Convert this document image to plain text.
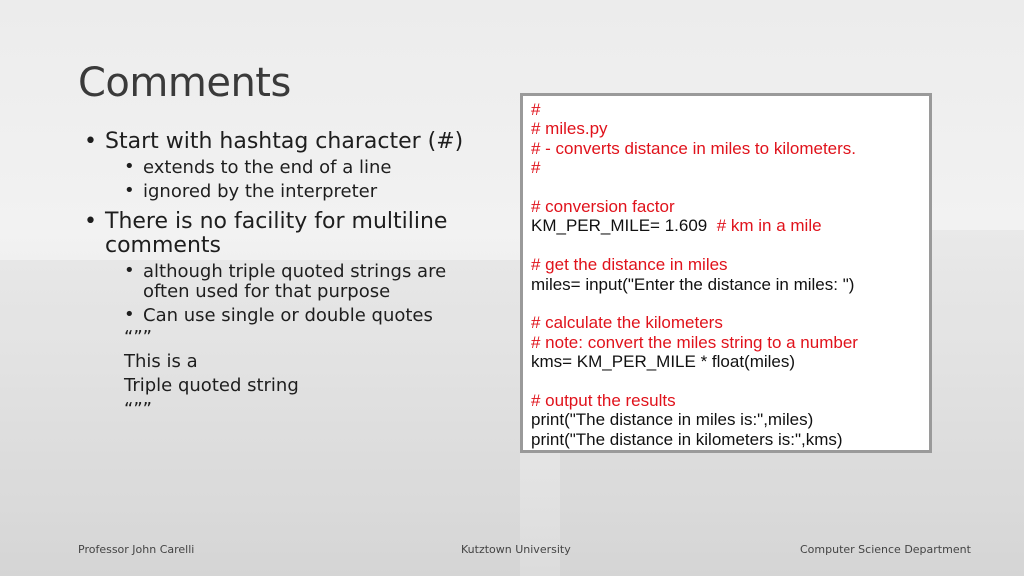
Comments
• Start with hashtag character (#)
• extends to the end of a line
• ignored by the interpreter
• There is no facility for multiline
comments
• although triple quoted strings are
often used for that purpose
• Can use single or double quotes
“””
This is a
Triple quoted string
“””
#
# miles.py
# - converts distance in miles to kilometers.
#
# conversion factor
KM_PER_MILE= 1.609  # km in a mile
# get the distance in miles
miles= input("Enter the distance in miles: ")
# calculate the kilometers
# note: convert the miles string to a number
kms= KM_PER_MILE * float(miles)
# output the results
print("The distance in miles is:",miles)
print("The distance in kilometers is:",kms)
Professor John Carelli	Kutztown University	Computer Science Department
